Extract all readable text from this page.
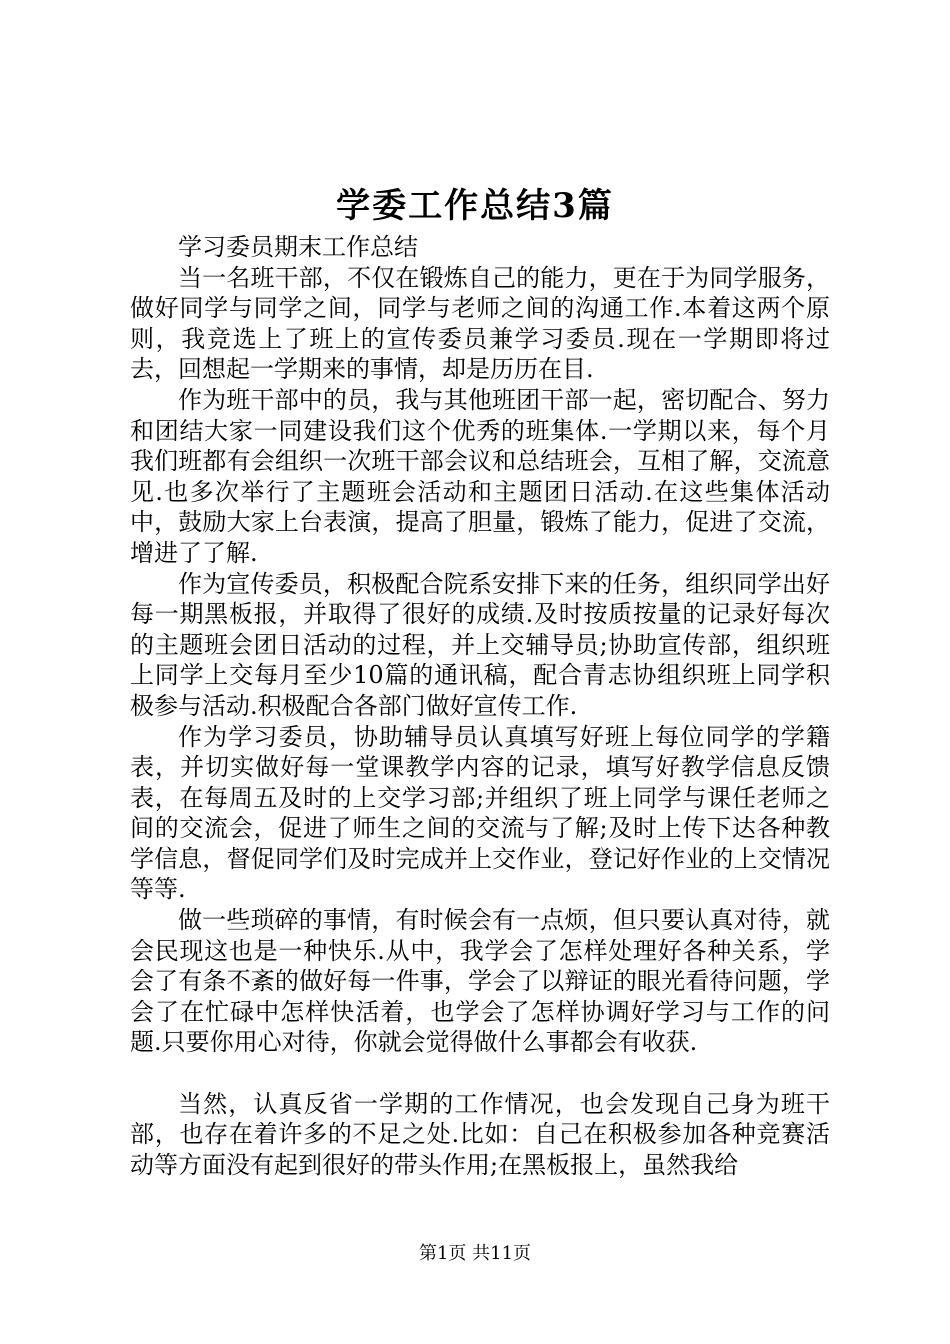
学委工作总结3篇

学习委员期末工作总结

当一名班干部，不仅在锻炼自己的能力，更在于为同学服务，做好同学与同学之间，同学与老师之间的沟通工作.本着这两个原则，我竞选上了班上的宣传委员兼学习委员.现在一学期即将过去，回想起一学期来的事情，却是历历在目.

作为班干部中的员，我与其他班团干部一起，密切配合、努力和团结大家一同建设我们这个优秀的班集体.一学期以来，每个月我们班都有会组织一次班干部会议和总结班会，互相了解，交流意见.也多次举行了主题班会活动和主题团日活动.在这些集体活动中，鼓励大家上台表演，提高了胆量，锻炼了能力，促进了交流，增进了了解.

作为宣传委员，积极配合院系安排下来的任务，组织同学出好每一期黑板报，并取得了很好的成绩.及时按质按量的记录好每次的主题班会团日活动的过程，并上交辅导员;协助宣传部，组织班上同学上交每月至少10篇的通讯稿，配合青志协组织班上同学积极参与活动.积极配合各部门做好宣传工作.

作为学习委员，协助辅导员认真填写好班上每位同学的学籍表，并切实做好每一堂课教学内容的记录，填写好教学信息反馈表，在每周五及时的上交学习部;并组织了班上同学与课任老师之间的交流会，促进了师生之间的交流与了解;及时上传下达各种教学信息，督促同学们及时完成并上交作业，登记好作业的上交情况等等.

做一些琐碎的事情，有时候会有一点烦，但只要认真对待，就会民现这也是一种快乐.从中，我学会了怎样处理好各种关系，学会了有条不紊的做好每一件事，学会了以辩证的眼光看待问题，学会了在忙碌中怎样快活着，也学会了怎样协调好学习与工作的问题.只要你用心对待，你就会觉得做什么事都会有收获.

当然，认真反省一学期的工作情况，也会发现自己身为班干部，也存在着许多的不足之处.比如：自己在积极参加各种竞赛活动等方面没有起到很好的带头作用;在黑板报上，虽然我给

第1页 共11页
